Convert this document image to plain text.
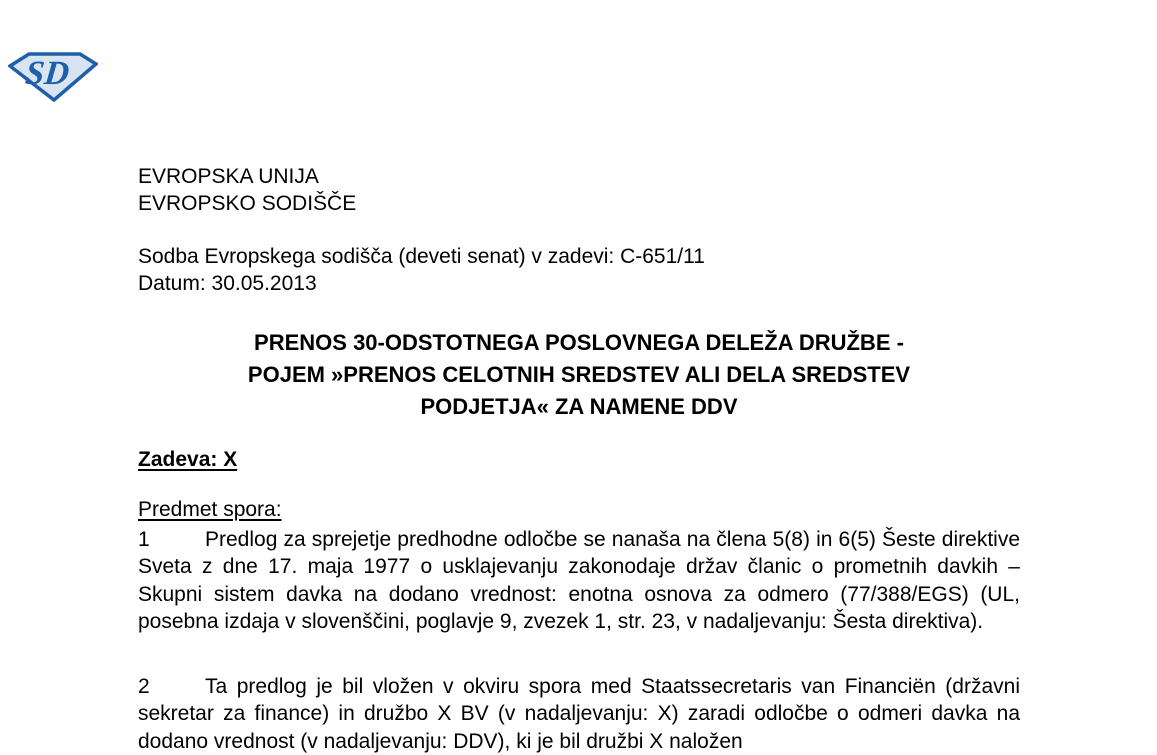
SD
EVROPSKA UNIJA
EVROPSKO SODIŠČE
Sodba Evropskega sodišča (deveti senat) v zadevi: C-651/11
Datum: 30.05.2013
PRENOS 30-ODSTOTNEGA POSLOVNEGA DELEŽA DRUŽBE -
POJEM »PRENOS CELOTNIH SREDSTEV ALI DELA SREDSTEV
PODJETJA« ZA NAMENE DDV
Zadeva: X
Predmet spora:
1	Predlog za sprejetje predhodne odločbe se nanaša na člena 5(8) in 6(5) Šeste direktive Sveta z dne 17. maja 1977 o usklajevanju zakonodaje držav članic o prometnih davkih – Skupni sistem davka na dodano vrednost: enotna osnova za odmero (77/388/EGS) (UL, posebna izdaja v slovenščini, poglavje 9, zvezek 1, str. 23, v nadaljevanju: Šesta direktiva).
2	Ta predlog je bil vložen v okviru spora med Staatssecretaris van Financiën (državni sekretar za finance) in družbo X BV (v nadaljevanju: X) zaradi odločbe o odmeri davka na dodano vrednost (v nadaljevanju: DDV), ki je bil družbi X naložen
